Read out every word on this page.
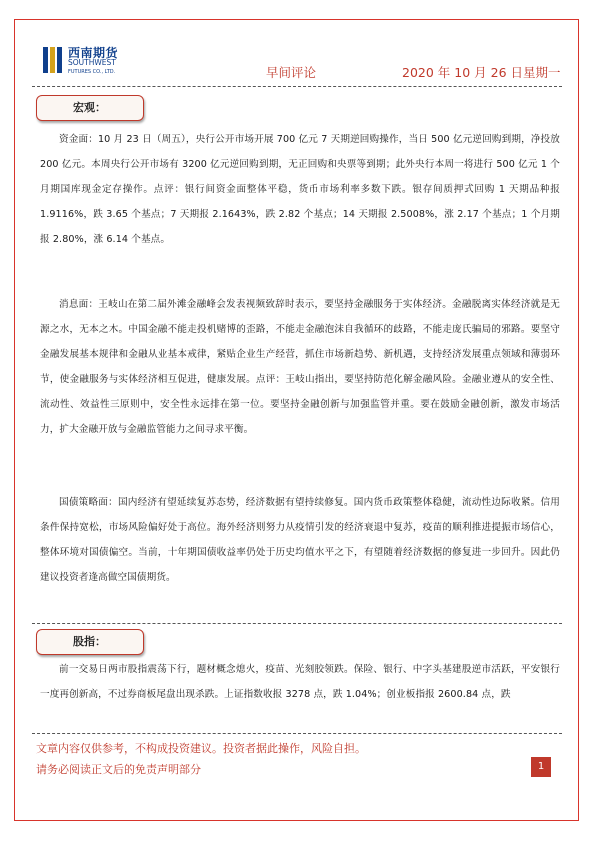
西南期货
SOUTHWEST
FUTURES CO., LTD.	早间评论	2020 年 10 月 26 日星期一
宏观：
资金面：10 月 23 日（周五），央行公开市场开展 700 亿元 7 天期逆回购操作，当日 500 亿元逆回购到期，净投放 200 亿元。本周央行公开市场有 3200 亿元逆回购到期，无正回购和央票等到期；此外央行本周一将进行 500 亿元 1 个月期国库现金定存操作。点评：银行间资金面整体平稳，货币市场利率多数下跌。银存间质押式回购 1 天期品种报 1.9116%，跌 3.65 个基点；7 天期报 2.1643%，跌 2.82 个基点；14 天期报 2.5008%，涨 2.17 个基点；1 个月期报 2.80%，涨 6.14 个基点。
消息面：王岐山在第二届外滩金融峰会发表视频致辞时表示，要坚持金融服务于实体经济。金融脱离实体经济就是无源之水，无本之木。中国金融不能走投机赌博的歪路，不能走金融泡沫自我循环的歧路，不能走庞氏骗局的邪路。要坚守金融发展基本规律和金融从业基本戒律，紧贴企业生产经营，抓住市场新趋势、新机遇，支持经济发展重点领域和薄弱环节，使金融服务与实体经济相互促进，健康发展。点评：王岐山指出，要坚持防范化解金融风险。金融业遵从的安全性、流动性、效益性三原则中，安全性永远排在第一位。要坚持金融创新与加强监管并重。要在鼓励金融创新，激发市场活力，扩大金融开放与金融监管能力之间寻求平衡。
国债策略面：国内经济有望延续复苏态势，经济数据有望持续修复。国内货币政策整体稳健，流动性边际收紧。信用条件保持宽松，市场风险偏好处于高位。海外经济则努力从疫情引发的经济衰退中复苏，疫苗的顺利推进提振市场信心，整体环境对国债偏空。当前，十年期国债收益率仍处于历史均值水平之下，有望随着经济数据的修复进一步回升。因此仍建议投资者逢高做空国债期货。
股指：
前一交易日两市股指震荡下行，题材概念熄火，疫苗、光刻胶领跌。保险、银行、中字头基建股逆市活跃，平安银行一度再创新高，不过券商板尾盘出现杀跌。上证指数收报 3278 点，跌 1.04%；创业板指报 2600.84 点，跌
文章内容仅供参考，不构成投资建议。投资者据此操作，风险自担。
请务必阅读正文后的免责声明部分	1
